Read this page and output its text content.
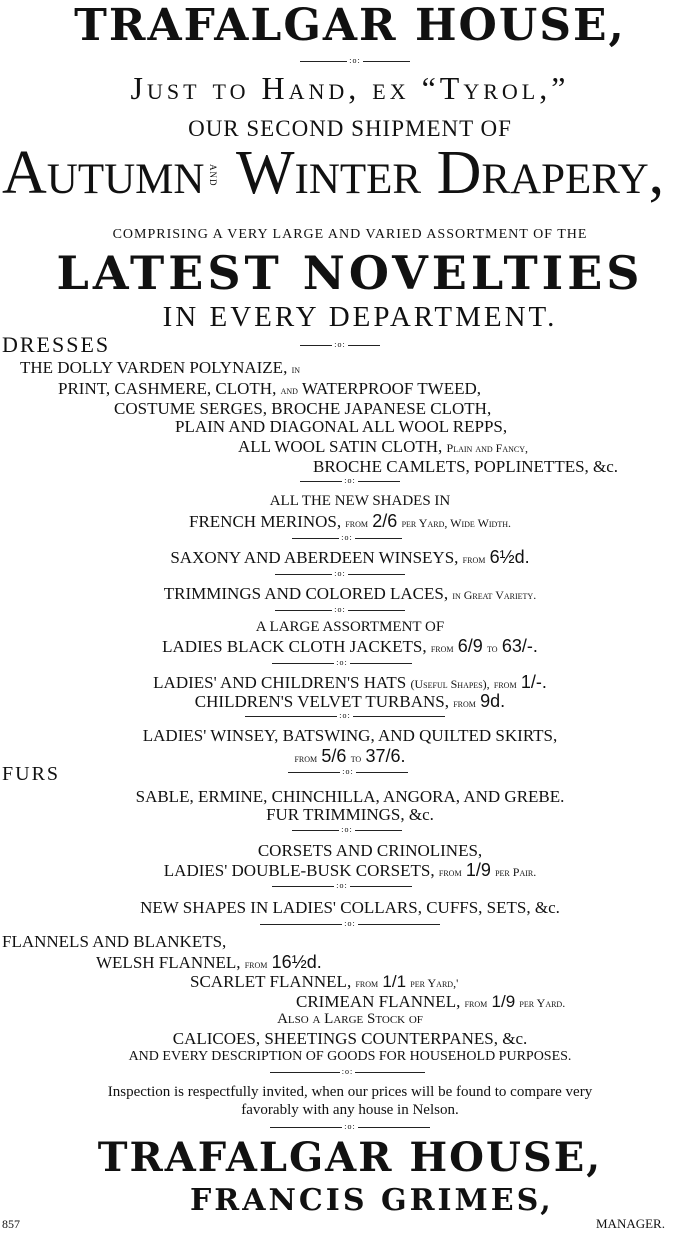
TRAFALGAR HOUSE,
:o:
Just to Hand, ex “Tyrol,”
OUR SECOND SHIPMENT OF
Autumn AND Winter Drapery,
COMPRISING A VERY LARGE AND VARIED ASSORTMENT OF THE
LATEST NOVELTIES
IN EVERY DEPARTMENT.
DRESSES	:o:
THE DOLLY VARDEN POLYNAIZE, in
PRINT, CASHMERE, CLOTH, and WATERPROOF TWEED,
COSTUME SERGES, BROCHE JAPANESE CLOTH,
PLAIN AND DIAGONAL ALL WOOL REPPS,
ALL WOOL SATIN CLOTH, Plain and Fancy,
BROCHE CAMLETS, POPLINETTES, &c.
:o:
ALL THE NEW SHADES IN
FRENCH MERINOS, from 2/6 per Yard, Wide Width.
:o:
SAXONY AND ABERDEEN WINSEYS, from 6½d.
:o:
TRIMMINGS AND COLORED LACES, in Great Variety.
:o:
A LARGE ASSORTMENT OF
LADIES BLACK CLOTH JACKETS, from 6/9 to 63/-.
:o:
LADIES' AND CHILDREN'S HATS (Useful Shapes), from 1/-.
CHILDREN'S VELVET TURBANS, from 9d.
:o:
LADIES' WINSEY, BATSWING, AND QUILTED SKIRTS,
from 5/6 to 37/6.
FURS	:o:
SABLE, ERMINE, CHINCHILLA, ANGORA, AND GREBE.
FUR TRIMMINGS, &c.
:o:
CORSETS AND CRINOLINES,
LADIES' DOUBLE-BUSK CORSETS, from 1/9 per Pair.
:o:
NEW SHAPES IN LADIES' COLLARS, CUFFS, SETS, &c.
:o:
FLANNELS AND BLANKETS,
WELSH FLANNEL, from 16½d.
SCARLET FLANNEL, from 1/1 per Yard,'
CRIMEAN FLANNEL, from 1/9 per Yard.
Also a Large Stock of
CALICOES, SHEETINGS COUNTERPANES, &c.
AND EVERY DESCRIPTION OF GOODS FOR HOUSEHOLD PURPOSES.
:o:
Inspection is respectfully invited, when our prices will be found to compare very
favorably with any house in Nelson.
:o:
TRAFALGAR HOUSE,
FRANCIS GRIMES,
857	MANAGER.
